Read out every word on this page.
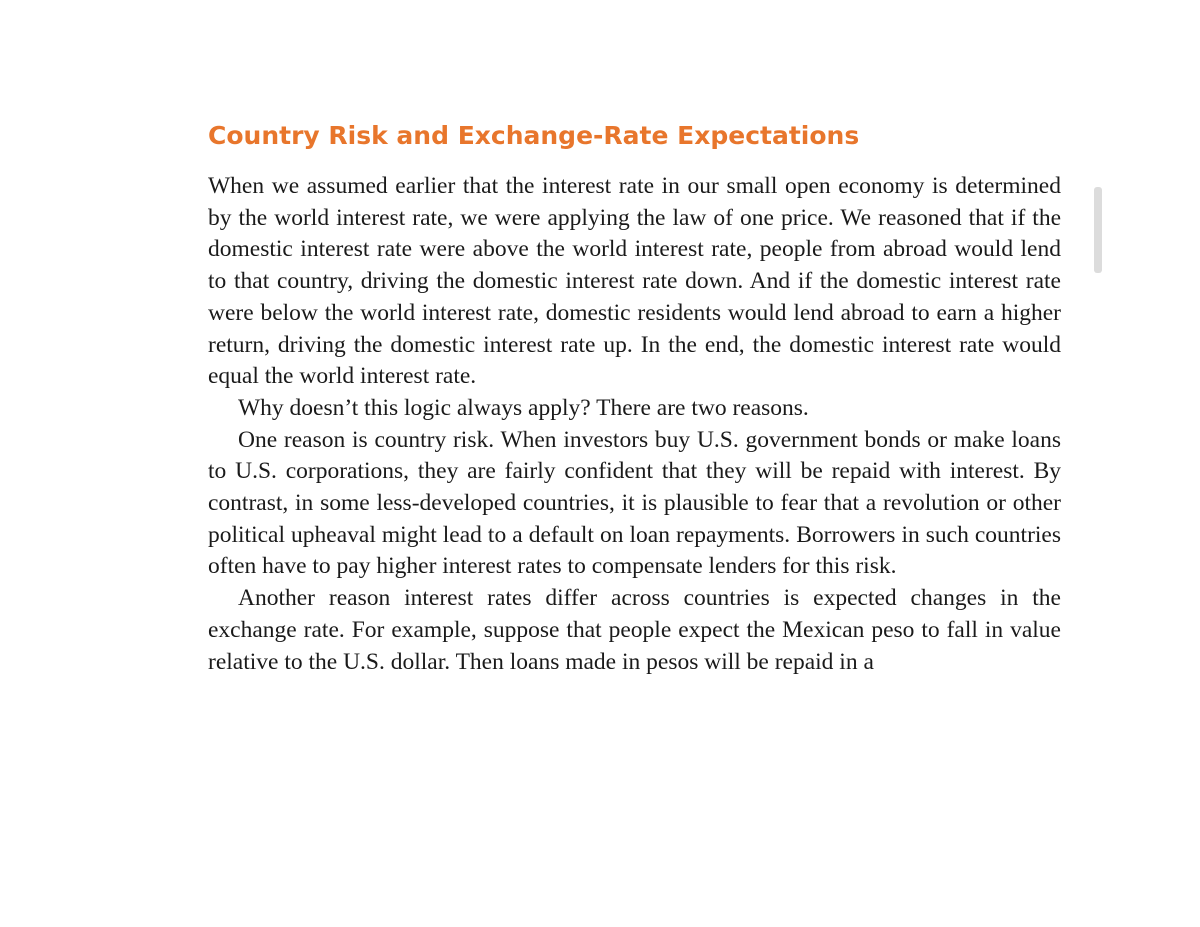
Country Risk and Exchange-Rate Expectations

When we assumed earlier that the interest rate in our small open economy is determined by the world interest rate, we were applying the law of one price. We reasoned that if the domestic interest rate were above the world interest rate, people from abroad would lend to that country, driving the domestic interest rate down. And if the domestic interest rate were below the world interest rate, domestic residents would lend abroad to earn a higher return, driving the domestic interest rate up. In the end, the domestic interest rate would equal the world interest rate.

Why doesn’t this logic always apply? There are two reasons.

One reason is country risk. When investors buy U.S. government bonds or make loans to U.S. corporations, they are fairly confident that they will be repaid with interest. By contrast, in some less-developed countries, it is plausible to fear that a revolution or other political upheaval might lead to a default on loan repayments. Borrowers in such countries often have to pay higher interest rates to compensate lenders for this risk.

Another reason interest rates differ across countries is expected changes in the exchange rate. For example, suppose that people expect the Mexican peso to fall in value relative to the U.S. dollar. Then loans made in pesos will be repaid in a
